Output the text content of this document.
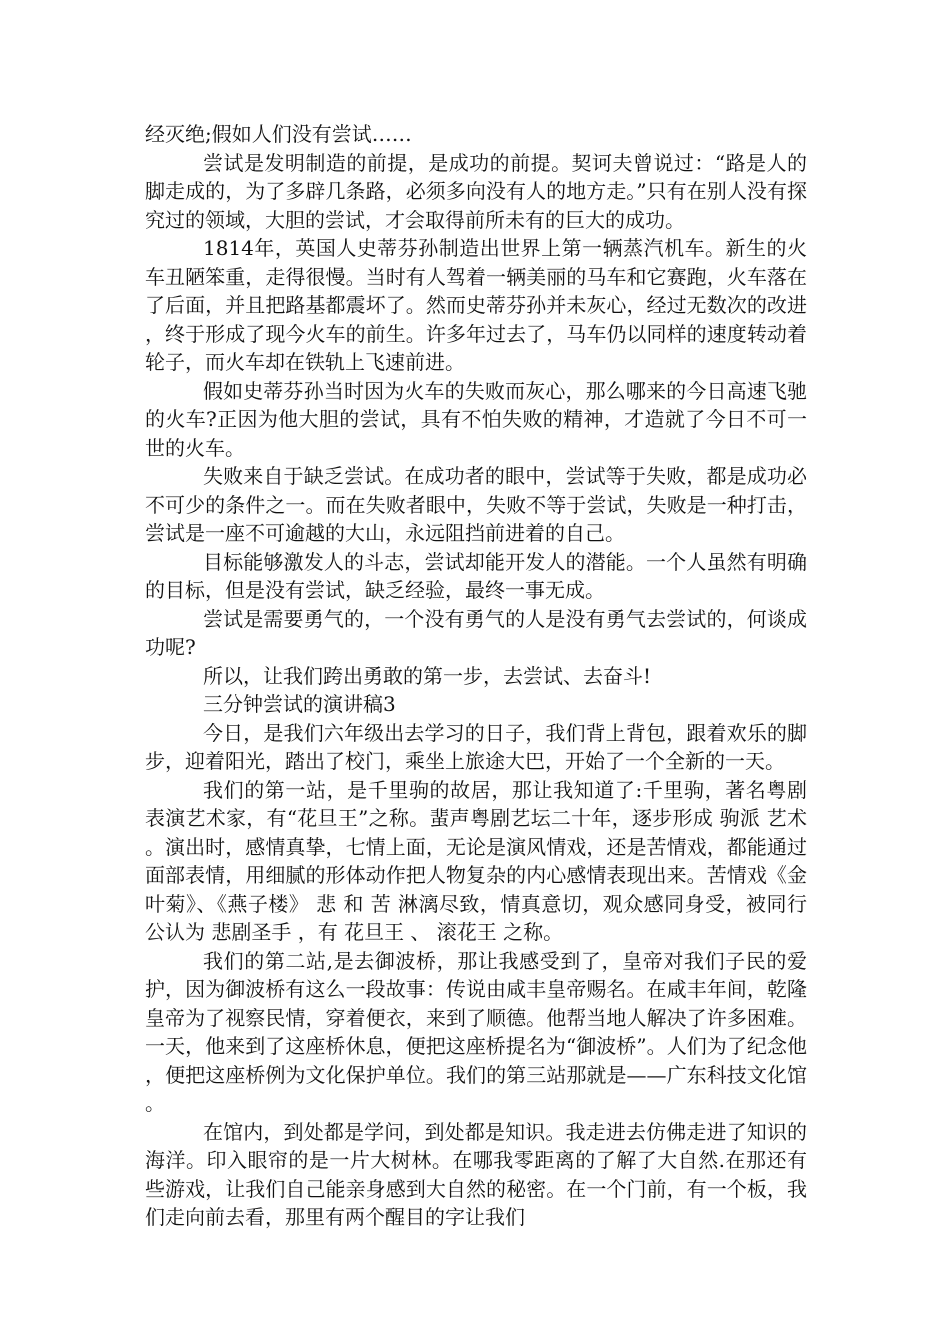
经灭绝;假如人们没有尝试……

尝试是发明制造的前提，是成功的前提。契诃夫曾说过：“路是人的脚走成的，为了多辟几条路，必须多向没有人的地方走。”只有在别人没有探究过的领域，大胆的尝试，才会取得前所未有的巨大的成功。

1814年，英国人史蒂芬孙制造出世界上第一辆蒸汽机车。新生的火车丑陋笨重，走得很慢。当时有人驾着一辆美丽的马车和它赛跑，火车落在了后面，并且把路基都震坏了。然而史蒂芬孙并未灰心，经过无数次的改进，终于形成了现今火车的前生。许多年过去了，马车仍以同样的速度转动着轮子，而火车却在铁轨上飞速前进。

假如史蒂芬孙当时因为火车的失败而灰心，那么哪来的今日高速飞驰的火车?正因为他大胆的尝试，具有不怕失败的精神，才造就了今日不可一世的火车。

失败来自于缺乏尝试。在成功者的眼中，尝试等于失败，都是成功必不可少的条件之一。而在失败者眼中，失败不等于尝试，失败是一种打击，尝试是一座不可逾越的大山，永远阻挡前进着的自己。

目标能够激发人的斗志，尝试却能开发人的潜能。一个人虽然有明确的目标，但是没有尝试，缺乏经验，最终一事无成。

尝试是需要勇气的，一个没有勇气的人是没有勇气去尝试的，何谈成功呢?

所以，让我们跨出勇敢的第一步，去尝试、去奋斗!

三分钟尝试的演讲稿3

今日，是我们六年级出去学习的日子，我们背上背包，跟着欢乐的脚步，迎着阳光，踏出了校门，乘坐上旅途大巴，开始了一个全新的一天。

我们的第一站，是千里驹的故居，那让我知道了:千里驹，著名粤剧表演艺术家，有“花旦王”之称。蜚声粤剧艺坛二十年，逐步形成 驹派 艺术。演出时，感情真挚，七情上面，无论是演风情戏，还是苦情戏，都能通过面部表情，用细腻的形体动作把人物复杂的内心感情表现出来。苦情戏《金叶菊》、《燕子楼》 悲 和 苦 淋漓尽致，情真意切，观众感同身受，被同行公认为 悲剧圣手 ，有 花旦王 、 滚花王 之称。

我们的第二站,是去御波桥，那让我感受到了，皇帝对我们子民的爱护，因为御波桥有这么一段故事：传说由咸丰皇帝赐名。在咸丰年间，乾隆皇帝为了视察民情，穿着便衣，来到了顺德。他帮当地人解决了许多困难。一天，他来到了这座桥休息，便把这座桥提名为“御波桥”。人们为了纪念他，便把这座桥例为文化保护单位。我们的第三站那就是——广东科技文化馆。

在馆内，到处都是学问，到处都是知识。我走进去仿佛走进了知识的海洋。印入眼帘的是一片大树林。在哪我零距离的了解了大自然.在那还有些游戏，让我们自己能亲身感到大自然的秘密。在一个门前，有一个板，我们走向前去看，那里有两个醒目的字让我们
